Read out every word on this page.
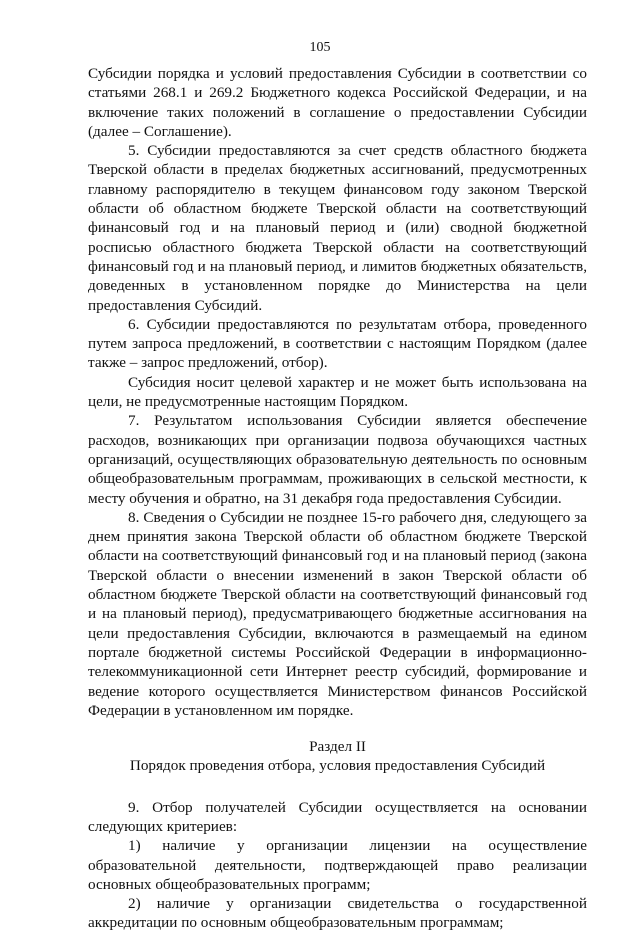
105

Субсидии порядка и условий предоставления Субсидии в соответствии со статьями 268.1 и 269.2 Бюджетного кодекса Российской Федерации, и на включение таких положений в соглашение о предоставлении Субсидии (далее – Соглашение).

5. Субсидии предоставляются за счет средств областного бюджета Тверской области в пределах бюджетных ассигнований, предусмотренных главному распорядителю в текущем финансовом году законом Тверской области об областном бюджете Тверской области на соответствующий финансовый год и на плановый период и (или) сводной бюджетной росписью областного бюджета Тверской области на соответствующий финансовый год и на плановый период, и лимитов бюджетных обязательств, доведенных в установленном порядке до Министерства на цели предоставления Субсидий.

6. Субсидии предоставляются по результатам отбора, проведенного путем запроса предложений, в соответствии с настоящим Порядком (далее также – запрос предложений, отбор).

Субсидия носит целевой характер и не может быть использована на цели, не предусмотренные настоящим Порядком.

7. Результатом использования Субсидии является обеспечение расходов, возникающих при организации подвоза обучающихся частных организаций, осуществляющих образовательную деятельность по основным общеобразовательным программам, проживающих в сельской местности, к месту обучения и обратно, на 31 декабря года предоставления Субсидии.

8. Сведения о Субсидии не позднее 15-го рабочего дня, следующего за днем принятия закона Тверской области об областном бюджете Тверской области на соответствующий финансовый год и на плановый период (закона Тверской области о внесении изменений в закон Тверской области об областном бюджете Тверской области на соответствующий финансовый год и на плановый период), предусматривающего бюджетные ассигнования на цели предоставления Субсидии, включаются в размещаемый на едином портале бюджетной системы Российской Федерации в информационно-телекоммуникационной сети Интернет реестр субсидий, формирование и ведение которого осуществляется Министерством финансов Российской Федерации в установленном им порядке.

Раздел II

Порядок проведения отбора, условия предоставления Субсидий

9. Отбор получателей Субсидии осуществляется на основании следующих критериев:

1) наличие у организации лицензии на осуществление образовательной деятельности, подтверждающей право реализации основных общеобразовательных программ;

2) наличие у организации свидетельства о государственной аккредитации по основным общеобразовательным программам;
